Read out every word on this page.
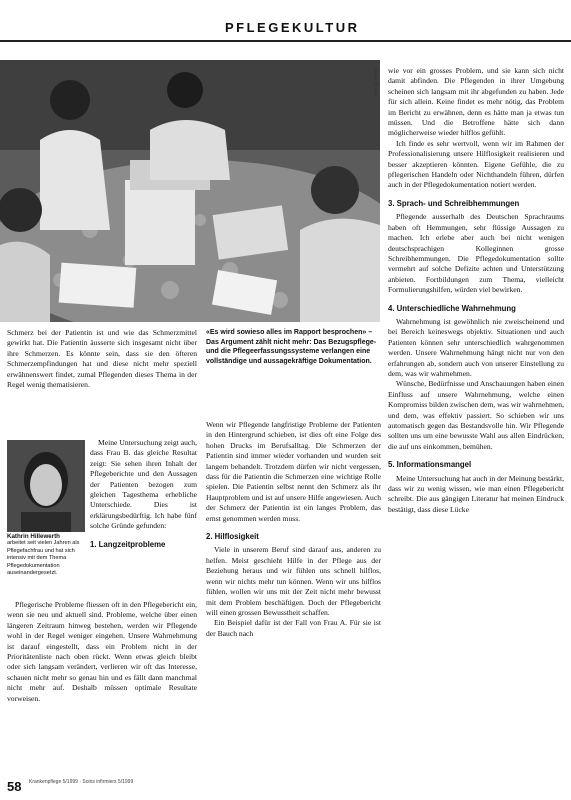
PFLEGEKULTUR
Foto: Privat
«Es wird sowieso alles im Rapport besprochen» – Das Argument zählt nicht mehr: Das Bezugspflege- und die Pflegeerfassungssysteme verlangen eine vollständige und aussagekräftige Dokumentation.

Schmerz bei der Patientin ist und wie das Schmerzmittel gewirkt hat. Die Patientin äusserte sich insgesamt nicht über ihre Schmerzen. Es könnte sein, dass sie den öfteren Schmerzempfindungen hat und diese nicht mehr speziell erwähnenswert findet, zumal Pflegenden dieses Thema in der Regel wenig thematisieren.

Kathrin Hillewerth
arbeitet seit vielen Jahren als Pflegefachfrau und hat sich intensiv mit dem Thema Pflegedokumentation auseinandergesetzt.

Meine Untersuchung zeigt auch, dass Frau B. das gleiche Resultat zeigt: Sie sehen ihren Inhalt der Pflegeberichte und den Aussagen der Patienten bezogen zum gleichen Tagesthema erhebliche Unterschiede. Dies ist erklärungsbedürftig. Ich habe fünf solche Gründe gefunden:

1. Langzeitprobleme

Pflegerische Probleme fliessen oft in den Pflegebericht ein, wenn sie neu und aktuell sind. Probleme, welche über einen längeren Zeitraum hinweg bestehen, werden wir Pflegende wohl in der Regel weniger eingehen. Unsere Wahrnehmung ist darauf eingestellt, dass ein Problem nicht in der Prioritätenliste nach oben rückt. Wenn etwas gleich bleibt oder sich langsam verändert, verlieren wir oft das Interesse, schauen nicht mehr so genau hin und es fällt dann manchmal nicht mehr auf. Deshalb müssen optimale Resultate vorweisen.

Wenn wir Pflegende langfristige Probleme der Patienten in den Hintergrund schieben, ist dies oft eine Folge des hohen Drucks im Berufsalltag. Die Schmerzen der Patientin sind immer wieder vorhanden und wurden seit langem behandelt. Trotzdem dürfen wir nicht vergessen, dass für die Patientin die Schmerzen eine wichtige Rolle spielen. Die Patientin selbst nennt den Schmerz als ihr Hauptproblem und ist auf unsere Hilfe angewiesen. Auch der Schmerz der Patientin ist ein langes Problem, das ernst genommen werden muss.

2. Hilflosigkeit

Viele in unserem Beruf sind darauf aus, anderen zu helfen. Meist geschieht Hilfe in der Pflege aus der Beziehung heraus und wir fühlen uns schnell hilflos, wenn wir nichts mehr tun können. Wenn wir uns hilflos fühlen, wollen wir uns mit der Zeit nicht mehr bewusst mit dem Problem beschäftigen. Doch der Pflegebericht will einen grossen Bewusstheit schaffen.

Ein Beispiel dafür ist der Fall von Frau A. Für sie ist der Bauch nach

wie vor ein grosses Problem, und sie kann sich nicht damit abfinden. Die Pflegenden in ihrer Umgebung scheinen sich langsam mit ihr abgefunden zu haben. Jede für sich allein. Keine findet es mehr nötig, das Problem im Bericht zu erwähnen, denn es hätte man ja etwas tun müssen. Und die Betroffene hätte sich dann möglicherweise wieder hilflos gefühlt.

Ich finde es sehr wertvoll, wenn wir im Rahmen der Professionalisierung unsere Hilflosigkeit realisieren und besser akzeptieren könnten. Eigene Gefühle, die zu pflegerischen Handeln oder Nichthandeln führen, dürfen auch in der Pflegedokumentation notiert werden.

3. Sprach- und Schreibhemmungen

Pflegende ausserhalb des Deutschen Sprachraums haben oft Hemmungen, sehr flüssige Aussagen zu machen. Ich erlebe aber auch bei nicht wenigen deutschsprachigen Kolleginnen grosse Schreibhemmungen. Die Pflegedokumentation sollte vermehrt auf solche Defizite achten und Unterstützung anbieten. Fortbildungen zum Thema, vielleicht Formulierungshilfen, würden viel bewirken.

4. Unterschiedliche Wahrnehmung

Wahrnehmung ist gewöhnlich nie zweischeinend und bei Bereich keineswegs objektiv. Situationen und auch Patienten können sehr unterschiedlich wahrgenommen werden. Unsere Wahrnehmung hängt nicht nur von den erfahrungen ab, sondern auch von unserer Einstellung zu dem, was wir wahrnehmen.

Wünsche, Bedürfnisse und Anschauungen haben einen Einfluss auf unsere Wahrnehmung, welche einen Kompromiss bilden zwischen dem, was wir wahrnehmen, und dem, was effektiv passiert. So schieben wir uns automatisch gegen das Bestandsvolle hin. Wir Pflegende sollten uns um eine bewusste Wahl aus allen Eindrücken, die auf uns einkommen, bemühen.

5. Informationsmangel

Meine Untersuchung hat auch in der Meinung bestärkt, dass wir zu wenig wissen, wie man einen Pflegebericht schreibt. Die aus gängigen Literatur hat meinen Eindruck bestätigt, dass diese Lücke

58 Krankenpflege 5/1999 · Soins infirmiers 5/1999
